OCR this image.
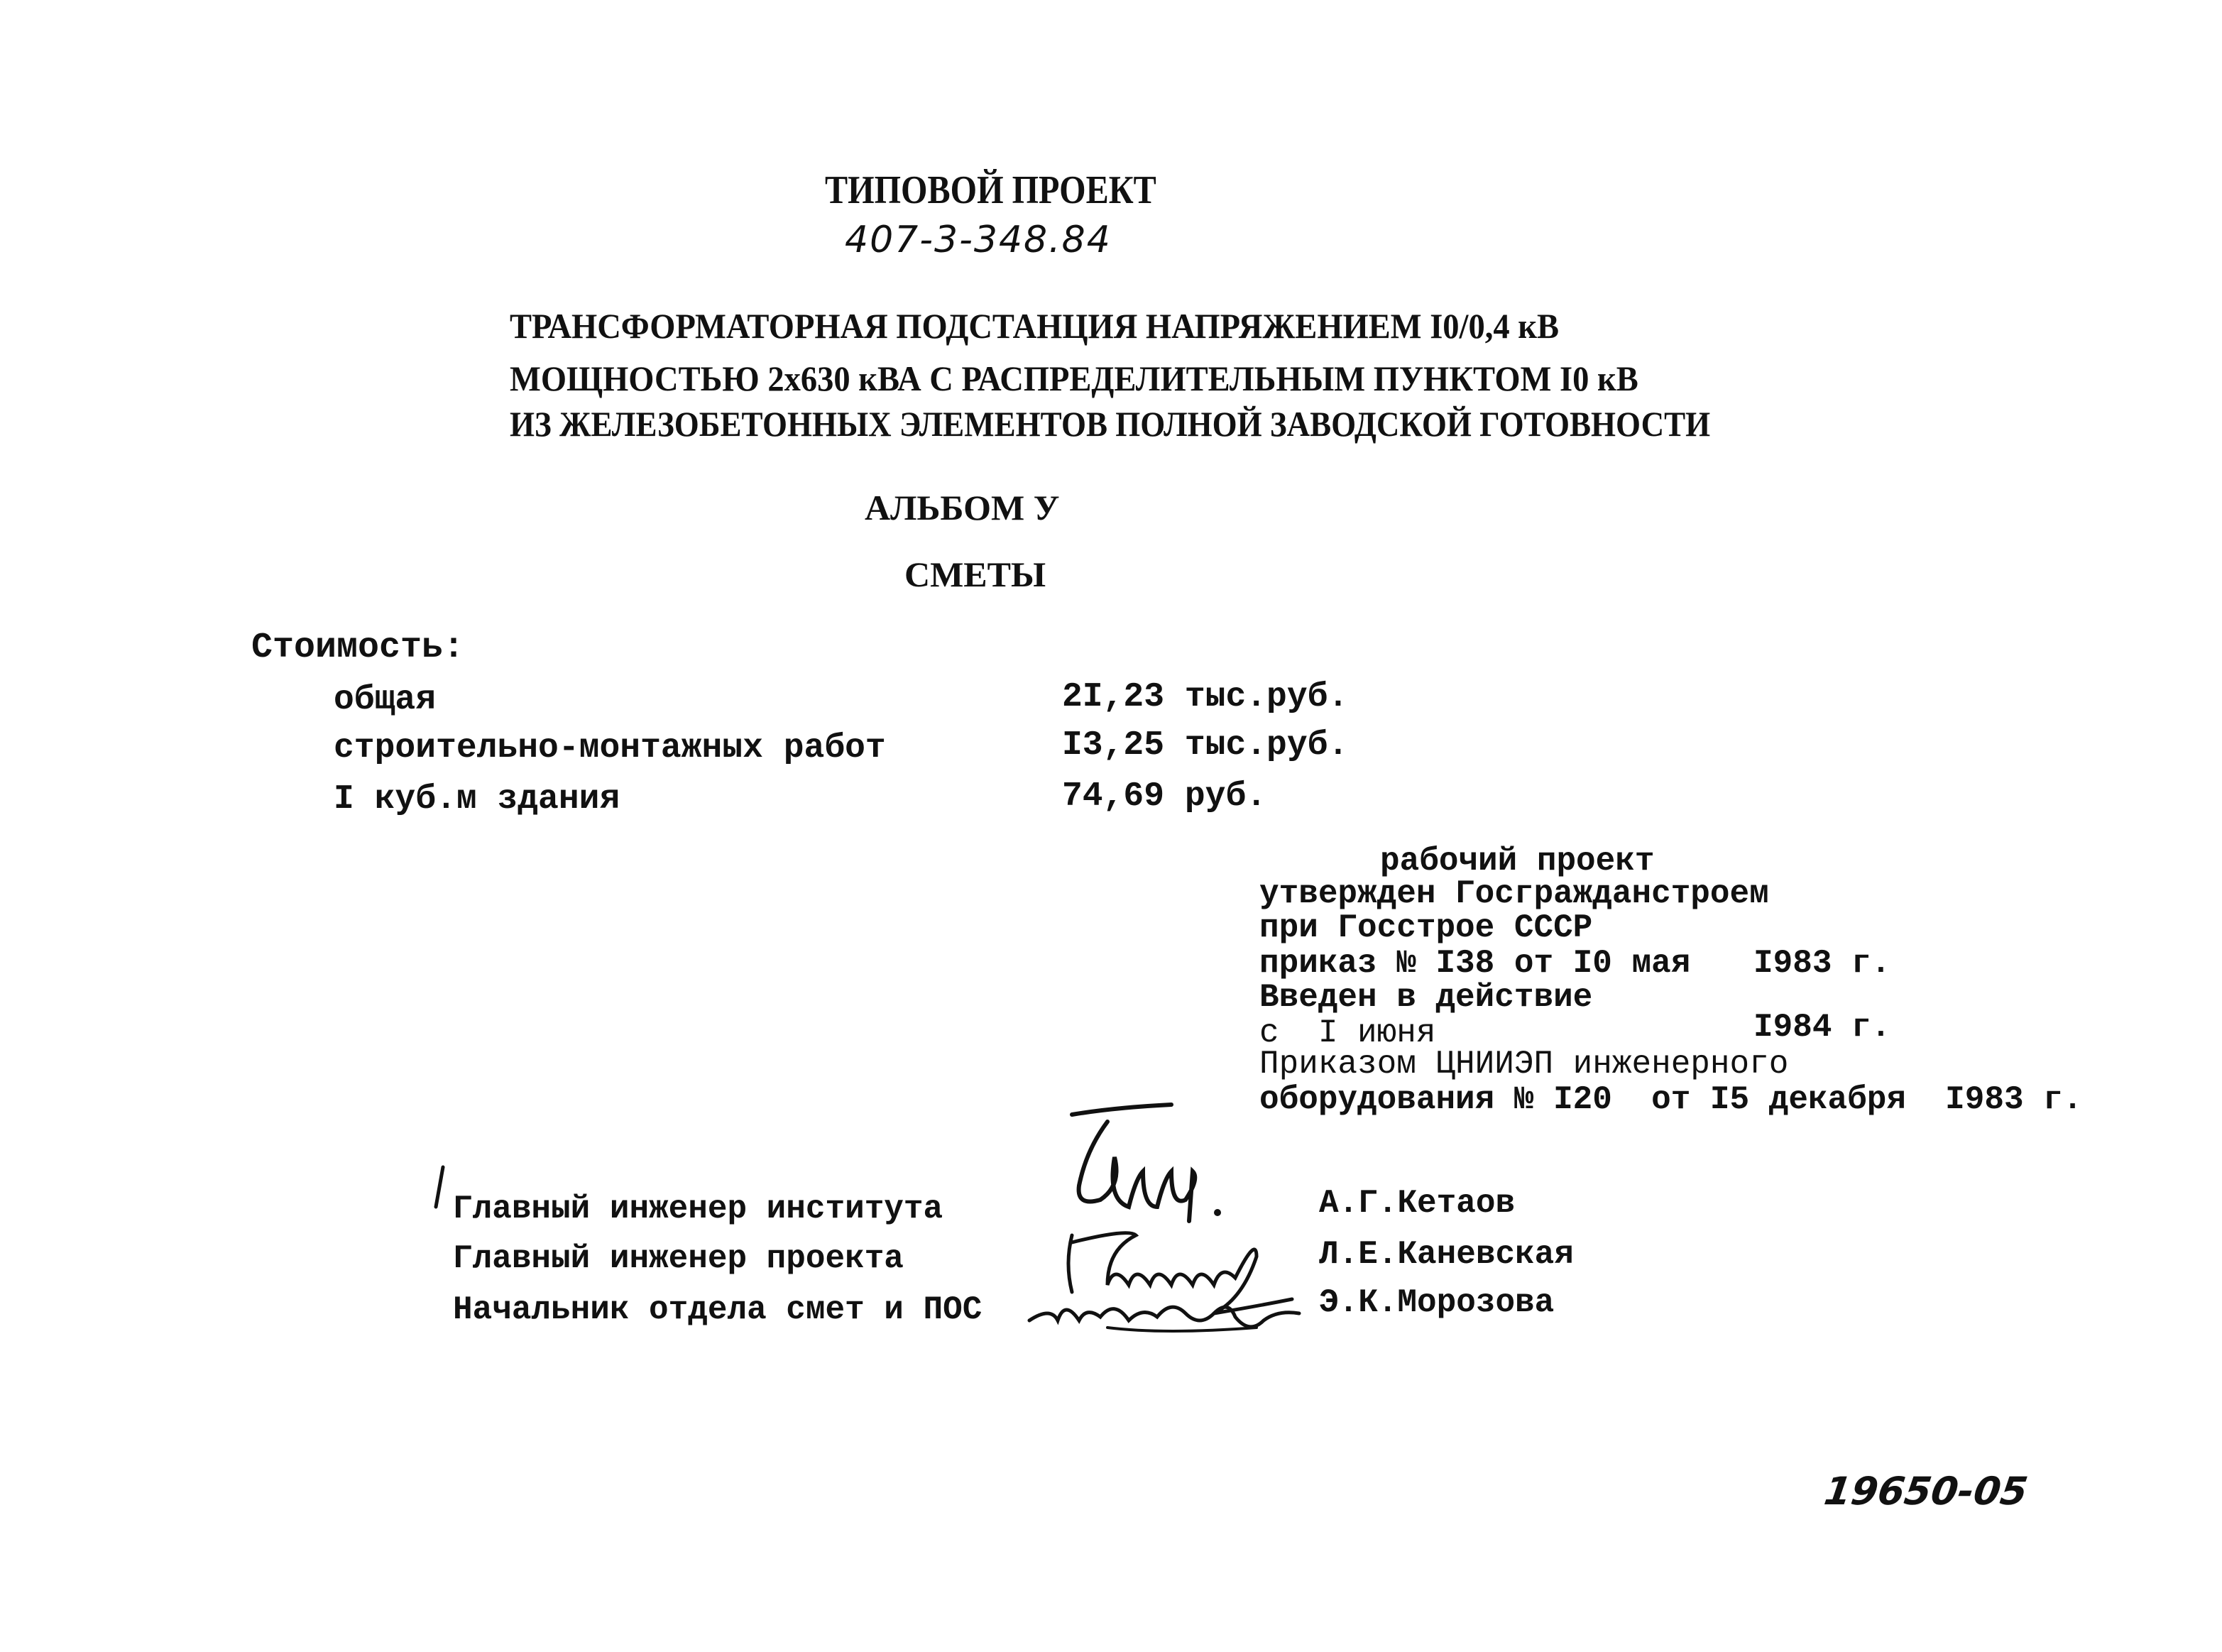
ТИПОВОЙ ПРОЕКТ
407-3-348.84
ТРАНСФОРМАТОРНАЯ ПОДСТАНЦИЯ НАПРЯЖЕНИЕМ I0/0,4 кВ
МОЩНОСТЬЮ 2х630 кВА С РАСПРЕДЕЛИТЕЛЬНЫМ ПУНКТОМ I0 кВ
ИЗ ЖЕЛЕЗОБЕТОННЫХ ЭЛЕМЕНТОВ ПОЛНОЙ ЗАВОДСКОЙ ГОТОВНОСТИ
АЛЬБОМ У
СМЕТЫ
Стоимость:
общая	2I,23 тыс.руб.
строительно-монтажных работ	I3,25 тыс.руб.
I куб.м здания	74,69 руб.
рабочий проект
утвержден Госгражданстроем
при Госстрое СССР
приказ № I38 от I0 мая I983 г.
Введен в действие
с  I июня	I984 г.
Приказом ЦНИИЭП инженерного
оборудования № I20  от I5 декабря  I983 г.
Главный инженер института	А.Г.Кетаов
Главный инженер проекта	Л.Е.Каневская
Начальник отдела смет и ПОС	Э.К.Морозова
19650-05
